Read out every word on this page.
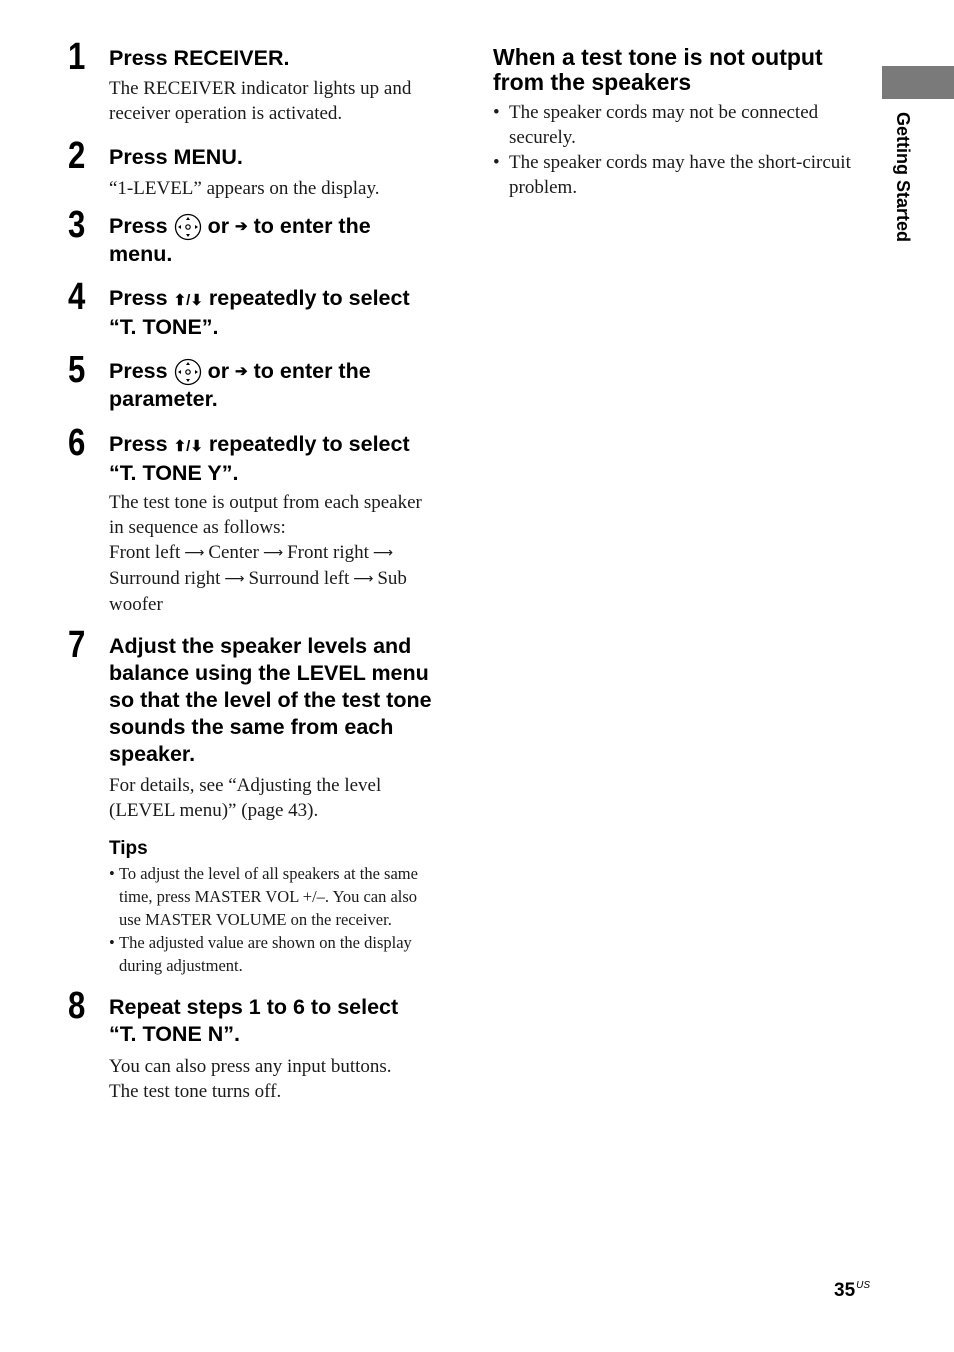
1 Press RECEIVER.
The RECEIVER indicator lights up and
receiver operation is activated.
2 Press MENU.
“1-LEVEL” appears on the display.
3 Press or ➔ to enter the
menu.
4 Press ⬆/⬇ repeatedly to select
“T. TONE”.
5 Press or ➔ to enter the
parameter.
6 Press ⬆/⬇ repeatedly to select
“T. TONE Y”.
The test tone is output from each speaker
in sequence as follows:
Front left ⟶ Center ⟶ Front right ⟶
Surround right ⟶ Surround left ⟶ Sub
woofer
7 Adjust the speaker levels and
balance using the LEVEL menu
so that the level of the test tone
sounds the same from each
speaker.
For details, see “Adjusting the level
(LEVEL menu)” (page 43).
Tips
• To adjust the level of all speakers at the same
time, press MASTER VOL +/–. You can also
use MASTER VOLUME on the receiver.
• The adjusted value are shown on the display
during adjustment.
8 Repeat steps 1 to 6 to select
“T. TONE N”.
You can also press any input buttons.
The test tone turns off.
When a test tone is not output
from the speakers
• The speaker cords may not be connected
securely.
• The speaker cords may have the short-circuit
problem.	Getting Started
$35^{US}$
